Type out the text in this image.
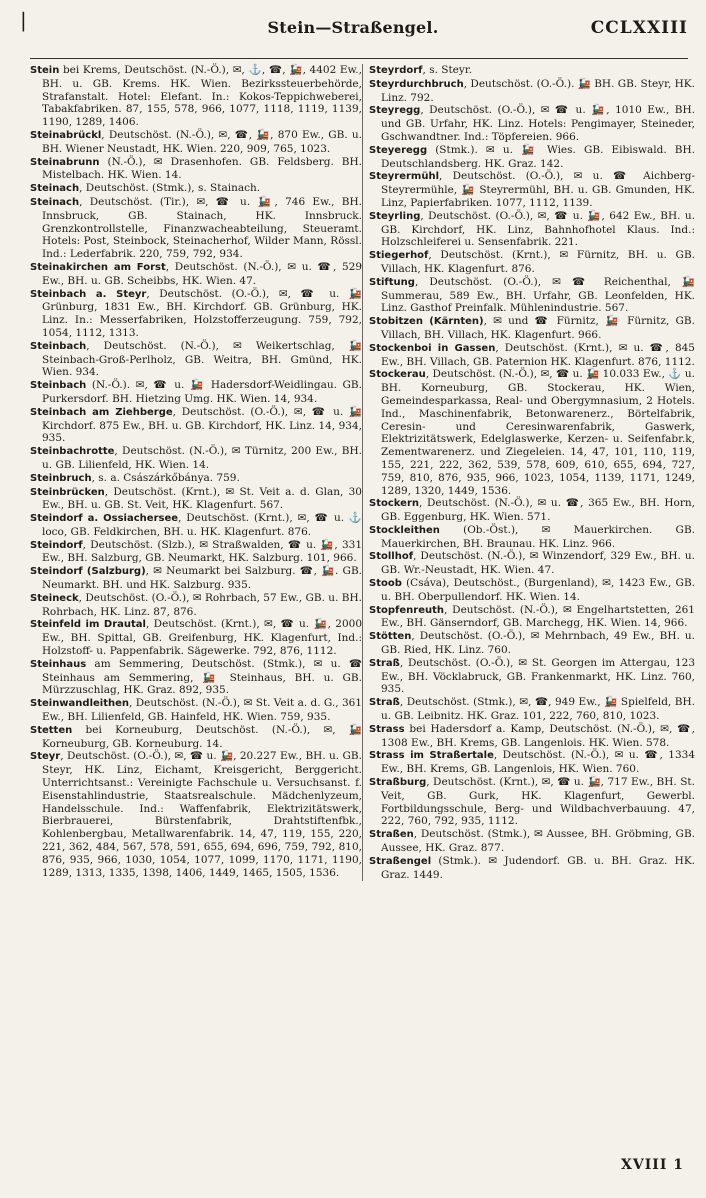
|	Stein—Straßengel.	CCLXXIII

Stein bei Krems, Deutschöst. (N.-Ö.), ✉, ⚓, ☎, 🚂, 4402 Ew., BH. u. GB. Krems. HK. Wien. Bezirkssteuerbehörde, Strafanstalt. Hotel: Elefant. In.: Kokos-Teppichweberei, Tabakfabriken. 87, 155, 578, 966, 1077, 1118, 1119, 1139, 1190, 1289, 1406.

Steinabrückl, Deutschöst. (N.-Ö.), ✉, ☎, 🚂, 870 Ew., GB. u. BH. Wiener Neustadt, HK. Wien. 220, 909, 765, 1023.

Steinabrunn (N.-Ö.), ✉ Drasenhofen. GB. Feldsberg. BH. Mistelbach. HK. Wien. 14.

Steinach, Deutschöst. (Stmk.), s. Stainach.

Steinach, Deutschöst. (Tir.), ✉, ☎ u. 🚂, 746 Ew., BH. Innsbruck, GB. Stainach, HK. Innsbruck. Grenzkontrollstelle, Finanzwacheabteilung, Steueramt. Hotels: Post, Steinbock, Steinacherhof, Wilder Mann, Rössl. Ind.: Lederfabrik. 220, 759, 792, 934.

Steinakirchen am Forst, Deutschöst. (N.-Ö.), ✉ u. ☎, 529 Ew., BH. u. GB. Scheibbs, HK. Wien. 47.

Steinbach a. Steyr, Deutschöst. (O.-Ö.), ✉, ☎ u. 🚂 Grünburg, 1831 Ew., BH. Kirchdorf. GB. Grünburg, HK. Linz. In.: Messerfabriken, Holzstofferzeugung. 759, 792, 1054, 1112, 1313.

Steinbach, Deutschöst. (N.-Ö.), ✉ Weikertschlag, 🚂 Steinbach-Groß-Perlholz, GB. Weitra, BH. Gmünd, HK. Wien. 934.

Steinbach (N.-Ö.). ✉, ☎ u. 🚂 Hadersdorf-Weidlingau. GB. Purkersdorf. BH. Hietzing Umg. HK. Wien. 14, 934.

Steinbach am Ziehberge, Deutschöst. (O.-Ö.), ✉, ☎ u. 🚂 Kirchdorf. 875 Ew., BH. u. GB. Kirchdorf, HK. Linz. 14, 934, 935.

Steinbachrotte, Deutschöst. (N.-Ö.), ✉ Türnitz, 200 Ew., BH. u. GB. Lilienfeld, HK. Wien. 14.

Steinbruch, s. a. Császárkőbánya. 759.

Steinbrücken, Deutschöst. (Krnt.), ✉ St. Veit a. d. Glan, 30 Ew., BH. u. GB. St. Veit, HK. Klagenfurt. 567.

Steindorf a. Ossiachersee, Deutschöst. (Krnt.), ✉, ☎ u. ⚓ loco, GB. Feldkirchen, BH. u. HK. Klagenfurt. 876.

Steindorf, Deutschöst. (Slzb.), ✉ Straßwalden, ☎ u. 🚂, 331 Ew., BH. Salzburg, GB. Neumarkt, HK. Salzburg. 101, 966.

Steindorf (Salzburg), ✉ Neumarkt bei Salzburg. ☎, 🚂. GB. Neumarkt. BH. und HK. Salzburg. 935.

Steineck, Deutschöst. (O.-Ö.), ✉ Rohrbach, 57 Ew., GB. u. BH. Rohrbach, HK. Linz. 87, 876.

Steinfeld im Drautal, Deutschöst. (Krnt.), ✉, ☎ u. 🚂, 2000 Ew., BH. Spittal, GB. Greifenburg, HK. Klagenfurt, Ind.: Holzstoff- u. Pappenfabrik. Sägewerke. 792, 876, 1112.

Steinhaus am Semmering, Deutschöst. (Stmk.), ✉ u. ☎ Steinhaus am Semmering, 🚂 Steinhaus, BH. u. GB. Mürzzuschlag, HK. Graz. 892, 935.

Steinwandleithen, Deutschöst. (N.-Ö.), ✉ St. Veit a. d. G., 361 Ew., BH. Lilienfeld, GB. Hainfeld, HK. Wien. 759, 935.

Stetten bei Korneuburg, Deutschöst. (N.-Ö.), ✉, 🚂 Korneuburg, GB. Korneuburg. 14.

Steyr, Deutschöst. (O.-Ö.), ✉, ☎ u. 🚂, 20.227 Ew., BH. u. GB. Steyr, HK. Linz, Eichamt, Kreisgericht, Berggericht. Unterrichtsanst.: Vereinigte Fachschule u. Versuchsanst. f. Eisenstahlindustrie, Staatsrealschule. Mädchenlyzeum, Handelsschule. Ind.: Waffenfabrik, Elektrizitätswerk, Bierbrauerei, Bürstenfabrik, Drahtstiftenfbk., Kohlenbergbau, Metallwarenfabrik. 14, 47, 119, 155, 220, 221, 362, 484, 567, 578, 591, 655, 694, 696, 759, 792, 810, 876, 935, 966, 1030, 1054, 1077, 1099, 1170, 1171, 1190, 1289, 1313, 1335, 1398, 1406, 1449, 1465, 1505, 1536.

Steyrdorf, s. Steyr.

Steyrdurchbruch, Deutschöst. (O.-Ö.). 🚂 BH. GB. Steyr, HK. Linz. 792.

Steyregg, Deutschöst. (O.-Ö.), ✉ ☎ u. 🚂, 1010 Ew., BH. und GB. Urfahr, HK. Linz. Hotels: Pengimayer, Steineder, Gschwandtner. Ind.: Töpfereien. 966.

Steyeregg (Stmk.). ✉ u. 🚂 Wies. GB. Eibiswald. BH. Deutschlandsberg. HK. Graz. 142.

Steyrermühl, Deutschöst. (O.-Ö.), ✉ u. ☎ Aichberg-Steyrermühle, 🚂 Steyrermühl, BH. u. GB. Gmunden, HK. Linz, Papierfabriken. 1077, 1112, 1139.

Steyrling, Deutschöst. (O.-Ö.), ✉, ☎ u. 🚂, 642 Ew., BH. u. GB. Kirchdorf, HK. Linz, Bahnhofhotel Klaus. Ind.: Holzschleiferei u. Sensenfabrik. 221.

Stiegerhof, Deutschöst. (Krnt.), ✉ Fürnitz, BH. u. GB. Villach, HK. Klagenfurt. 876.

Stiftung, Deutschöst. (O.-Ö.), ✉ ☎ Reichenthal, 🚂 Summerau, 589 Ew., BH. Urfahr, GB. Leonfelden, HK. Linz. Gasthof Preinfalk. Mühlenindustrie. 567.

Stobitzen (Kärnten), ✉ und ☎ Fürnitz, 🚂 Fürnitz, GB. Villach, BH. Villach, HK. Klagenfurt. 966.

Stockenboi in Gassen, Deutschöst. (Krnt.), ✉ u. ☎, 845 Ew., BH. Villach, GB. Paternion HK. Klagenfurt. 876, 1112.

Stockerau, Deutschöst. (N.-Ö.), ✉, ☎ u. 🚂 10.033 Ew., ⚓ u. BH. Korneuburg, GB. Stockerau, HK. Wien, Gemeindesparkassa, Real- und Obergymnasium, 2 Hotels. Ind., Maschinenfabrik, Betonwarenerz., Börtelfabrik, Ceresin- und Ceresinwarenfabrik, Gaswerk, Elektrizitätswerk, Edelglaswerke, Kerzen- u. Seifenfabr.k, Zementwarenerz. und Ziegeleien. 14, 47, 101, 110, 119, 155, 221, 222, 362, 539, 578, 609, 610, 655, 694, 727, 759, 810, 876, 935, 966, 1023, 1054, 1139, 1171, 1249, 1289, 1320, 1449, 1536.

Stockern, Deutschöst. (N.-Ö.), ✉ u. ☎, 365 Ew., BH. Horn, GB. Eggenburg, HK. Wien. 571.

Stockleithen (Ob.-Öst.), ✉ Mauerkirchen. GB. Mauerkirchen, BH. Braunau. HK. Linz. 966.

Stollhof, Deutschöst. (N.-Ö.), ✉ Winzendorf, 329 Ew., BH. u. GB. Wr.-Neustadt, HK. Wien. 47.

Stoob (Csáva), Deutschöst., (Burgenland), ✉, 1423 Ew., GB. u. BH. Oberpullendorf. HK. Wien. 14.

Stopfenreuth, Deutschöst. (N.-Ö.), ✉ Engelhartstetten, 261 Ew., BH. Gänserndorf, GB. Marchegg, HK. Wien. 14, 966.

Stötten, Deutschöst. (O.-Ö.), ✉ Mehrnbach, 49 Ew., BH. u. GB. Ried, HK. Linz. 760.

Straß, Deutschöst. (O.-Ö.), ✉ St. Georgen im Attergau, 123 Ew., BH. Vöcklabruck, GB. Frankenmarkt, HK. Linz. 760, 935.

Straß, Deutschöst. (Stmk.), ✉, ☎, 949 Ew., 🚂 Spielfeld, BH. u. GB. Leibnitz. HK. Graz. 101, 222, 760, 810, 1023.

Strass bei Hadersdorf a. Kamp, Deutschöst. (N.-Ö.), ✉, ☎, 1308 Ew., BH. Krems, GB. Langenlois. HK. Wien. 578.

Strass im Straßertale, Deutschöst. (N.-Ö.), ✉ u. ☎, 1334 Ew., BH. Krems, GB. Langenlois, HK. Wien. 760.

Straßburg, Deutschöst. (Krnt.), ✉, ☎ u. 🚂, 717 Ew., BH. St. Veit, GB. Gurk, HK. Klagenfurt, Gewerbl. Fortbildungsschule, Berg- und Wildbachverbauung. 47, 222, 760, 792, 935, 1112.

Straßen, Deutschöst. (Stmk.), ✉ Aussee, BH. Gröbming, GB. Aussee, HK. Graz. 877.

Straßengel (Stmk.). ✉ Judendorf. GB. u. BH. Graz. HK. Graz. 1449.

XVIII 1
